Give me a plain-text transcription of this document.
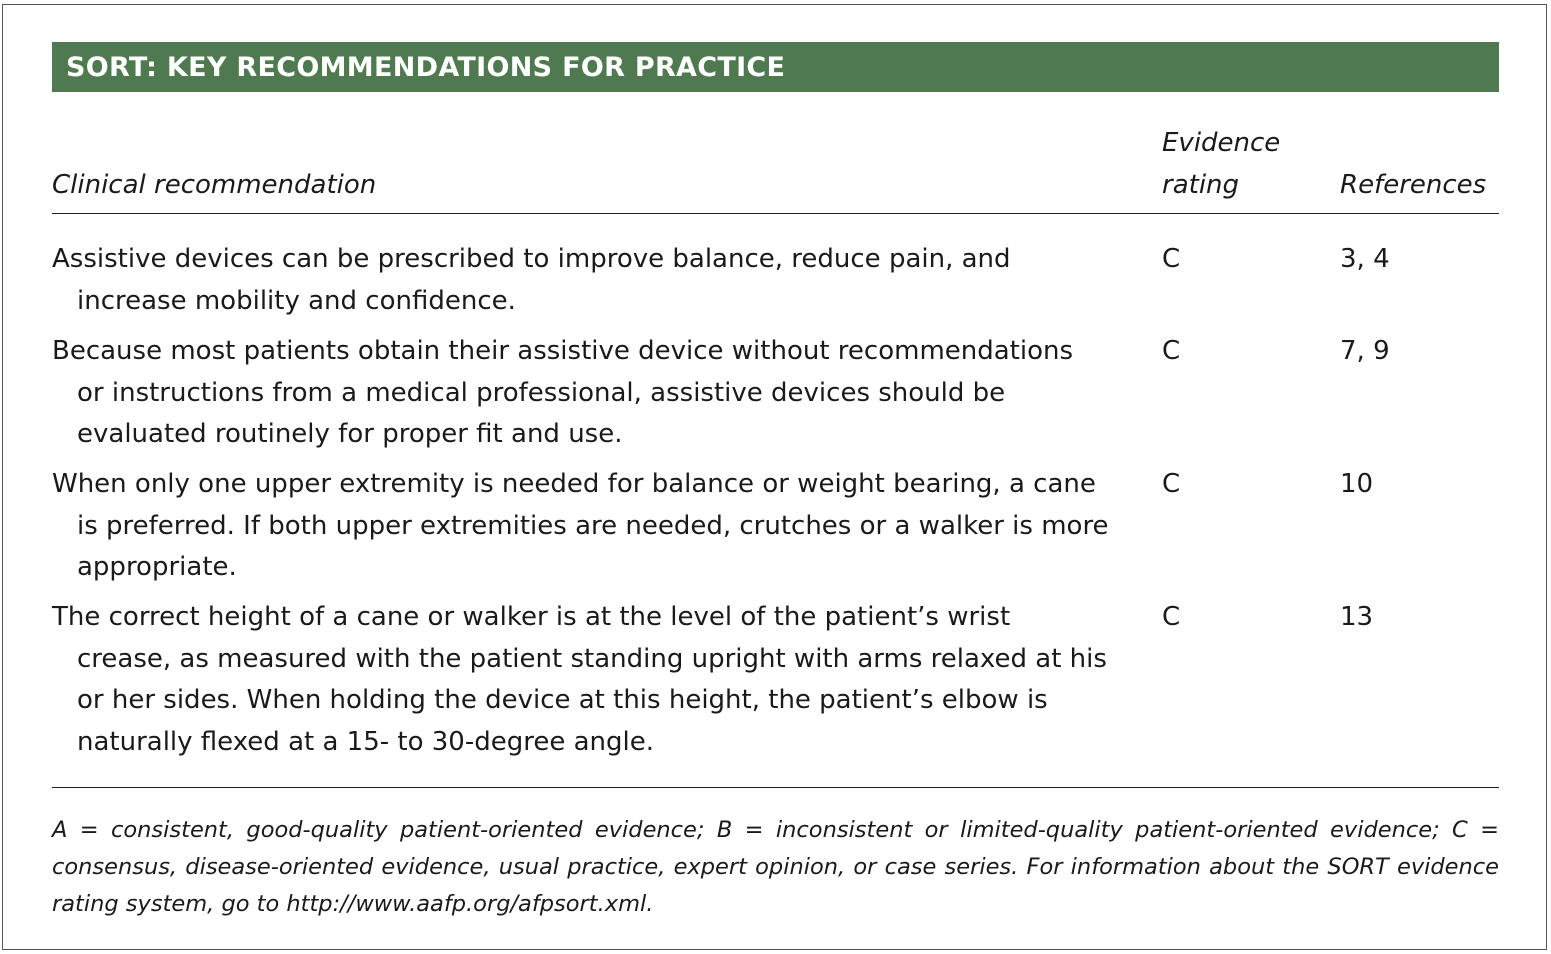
SORT: KEY RECOMMENDATIONS FOR PRACTICE
Clinical recommendation
Evidence
rating	References
Assistive devices can be prescribed to improve balance, reduce pain, and increase mobility and confidence.
C	3, 4
Because most patients obtain their assistive device without recommendations or instructions from a medical professional, assistive devices should be evaluated routinely for proper fit and use.
C	7, 9
When only one upper extremity is needed for balance or weight bearing, a cane is preferred. If both upper extremities are needed, crutches or a walker is more appropriate.
C	10
The correct height of a cane or walker is at the level of the patient’s wrist crease, as measured with the patient standing upright with arms relaxed at his or her sides. When holding the device at this height, the patient’s elbow is naturally flexed at a 15- to 30-degree angle.
C	13
A = consistent, good-quality patient-oriented evidence; B = inconsistent or limited-quality patient-oriented evidence; C = consensus, disease-oriented evidence, usual practice, expert opinion, or case series. For information about the SORT evidence rating system, go to http://www.aafp.org/afpsort.xml.
